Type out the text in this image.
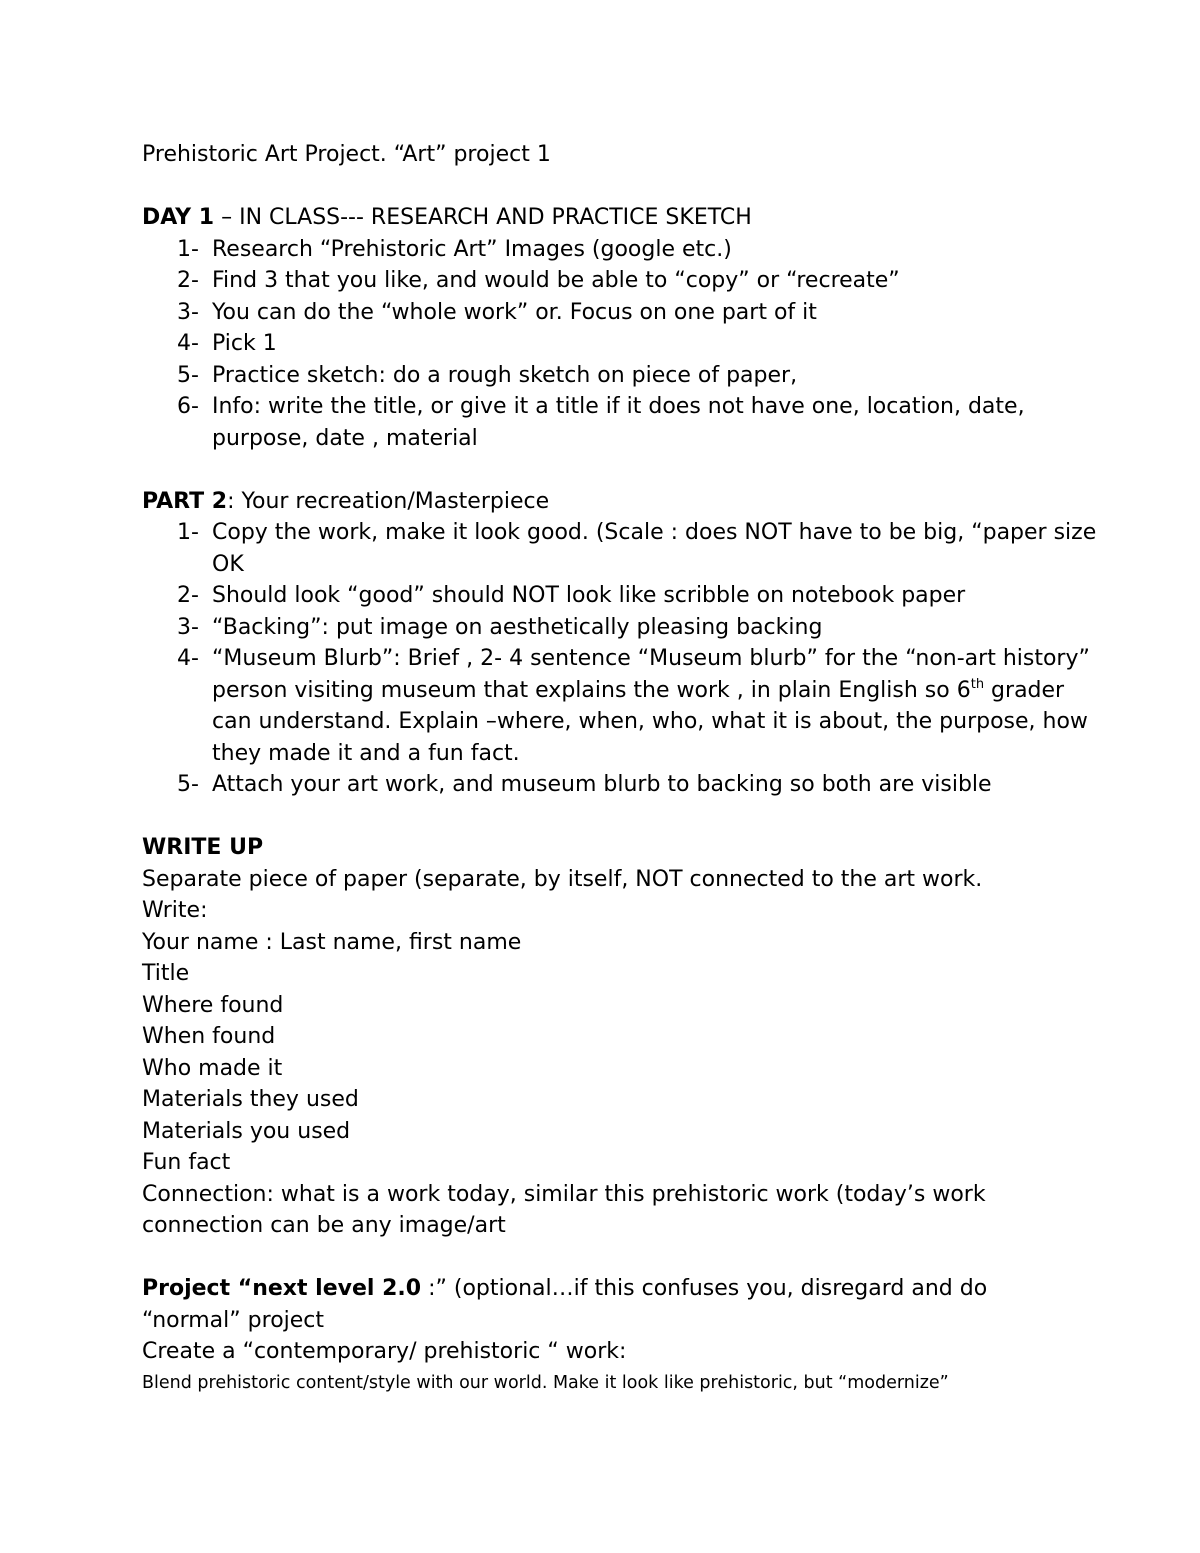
Prehistoric Art Project. “Art” project 1
DAY 1 – IN CLASS--- RESEARCH AND PRACTICE SKETCH
1- Research “Prehistoric Art” Images (google etc.)
2- Find 3 that you like, and would be able to “copy” or “recreate”
3- You can do the “whole work” or. Focus on one part of it
4- Pick 1
5- Practice sketch: do a rough sketch on piece of paper,
6- Info: write the title, or give it a title if it does not have one, location, date, purpose, date , material
PART 2: Your recreation/Masterpiece
1- Copy the work, make it look good. (Scale : does NOT have to be big, “paper size OK
2- Should look “good” should NOT look like scribble on notebook paper
3- “Backing”: put image on aesthetically pleasing backing
4- “Museum Blurb”: Brief , 2- 4 sentence “Museum blurb” for the “non-art history” person visiting museum that explains the work , in plain English so 6th grader can understand. Explain –where, when, who, what it is about, the purpose, how they made it and a fun fact.
5- Attach your art work, and museum blurb to backing so both are visible
WRITE UP
Separate piece of paper (separate, by itself, NOT connected to the art work.
Write:
Your name : Last name, first name
Title
Where found
When found
Who made it
Materials they used
Materials you used
Fun fact
Connection: what is a work today, similar this prehistoric work (today’s work
connection can be any image/art
Project “next level 2.0 :” (optional…if this confuses you, disregard and do
“normal” project
Create a “contemporary/ prehistoric “ work:
Blend prehistoric content/style with our world. Make it look like prehistoric, but “modernize”
